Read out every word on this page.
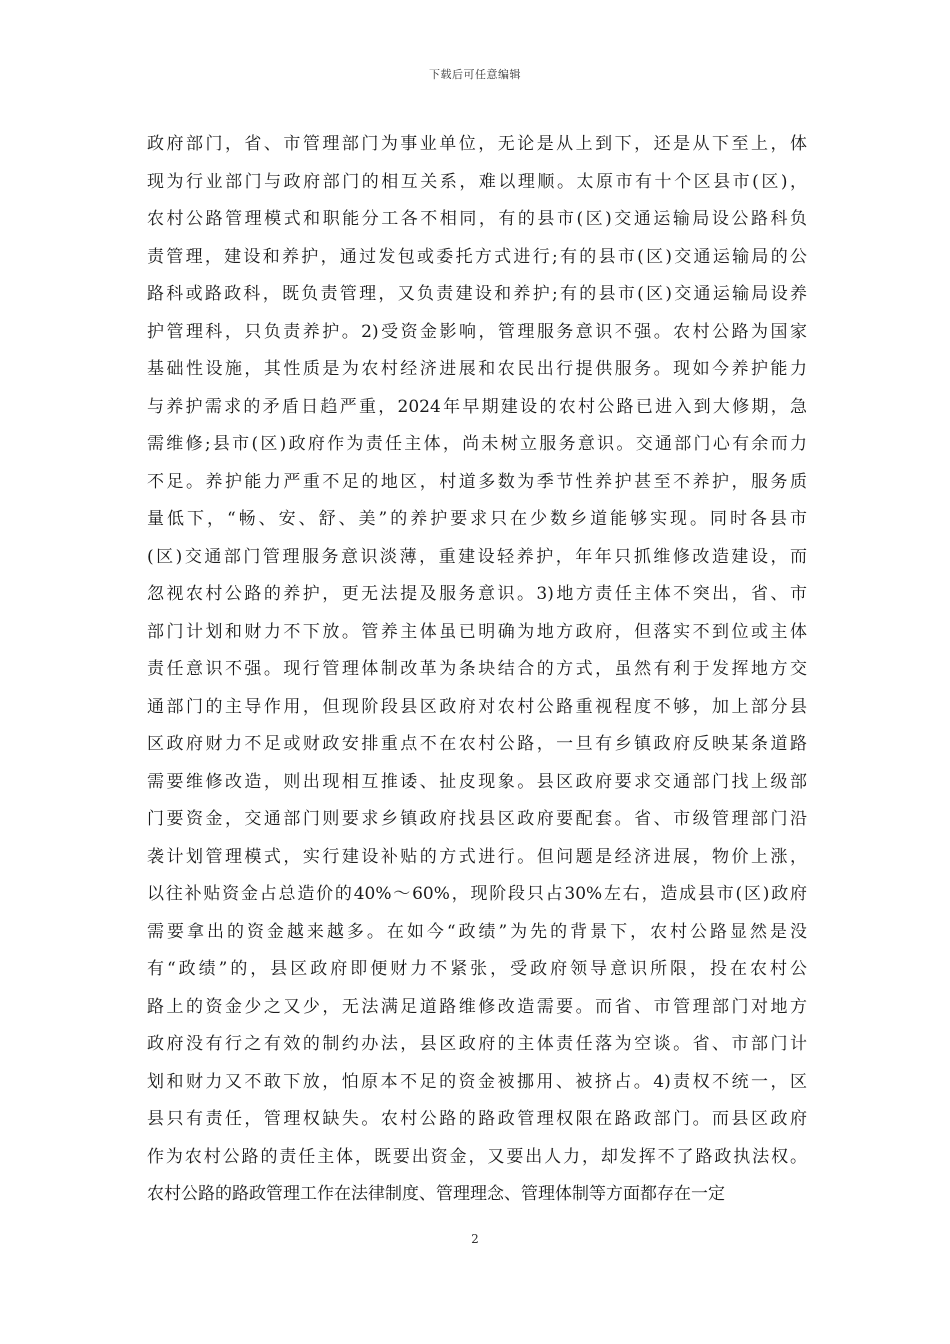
下载后可任意编辑
政府部门，省、市管理部门为事业单位，无论是从上到下，还是从下至上，体
现为行业部门与政府部门的相互关系，难以理顺。太原市有十个区县市(区)，
农村公路管理模式和职能分工各不相同，有的县市(区)交通运输局设公路科负
责管理，建设和养护，通过发包或委托方式进行;有的县市(区)交通运输局的公
路科或路政科，既负责管理，又负责建设和养护;有的县市(区)交通运输局设养
护管理科，只负责养护。2)受资金影响，管理服务意识不强。农村公路为国家
基础性设施，其性质是为农村经济进展和农民出行提供服务。现如今养护能力
与养护需求的矛盾日趋严重，2024年早期建设的农村公路已进入到大修期，急
需维修;县市(区)政府作为责任主体，尚未树立服务意识。交通部门心有余而力
不足。养护能力严重不足的地区，村道多数为季节性养护甚至不养护，服务质
量低下，“畅、安、舒、美”的养护要求只在少数乡道能够实现。同时各县市
(区)交通部门管理服务意识淡薄，重建设轻养护，年年只抓维修改造建设，而
忽视农村公路的养护，更无法提及服务意识。3)地方责任主体不突出，省、市
部门计划和财力不下放。管养主体虽已明确为地方政府，但落实不到位或主体
责任意识不强。现行管理体制改革为条块结合的方式，虽然有利于发挥地方交
通部门的主导作用，但现阶段县区政府对农村公路重视程度不够，加上部分县
区政府财力不足或财政安排重点不在农村公路，一旦有乡镇政府反映某条道路
需要维修改造，则出现相互推诿、扯皮现象。县区政府要求交通部门找上级部
门要资金，交通部门则要求乡镇政府找县区政府要配套。省、市级管理部门沿
袭计划管理模式，实行建设补贴的方式进行。但问题是经济进展，物价上涨，
以往补贴资金占总造价的40%～60%，现阶段只占30%左右，造成县市(区)政府
需要拿出的资金越来越多。在如今“政绩”为先的背景下，农村公路显然是没
有“政绩”的，县区政府即便财力不紧张，受政府领导意识所限，投在农村公
路上的资金少之又少，无法满足道路维修改造需要。而省、市管理部门对地方
政府没有行之有效的制约办法，县区政府的主体责任落为空谈。省、市部门计
划和财力又不敢下放，怕原本不足的资金被挪用、被挤占。4)责权不统一，区
县只有责任，管理权缺失。农村公路的路政管理权限在路政部门。而县区政府
作为农村公路的责任主体，既要出资金，又要出人力，却发挥不了路政执法权。
农村公路的路政管理工作在法律制度、管理理念、管理体制等方面都存在一定
2
